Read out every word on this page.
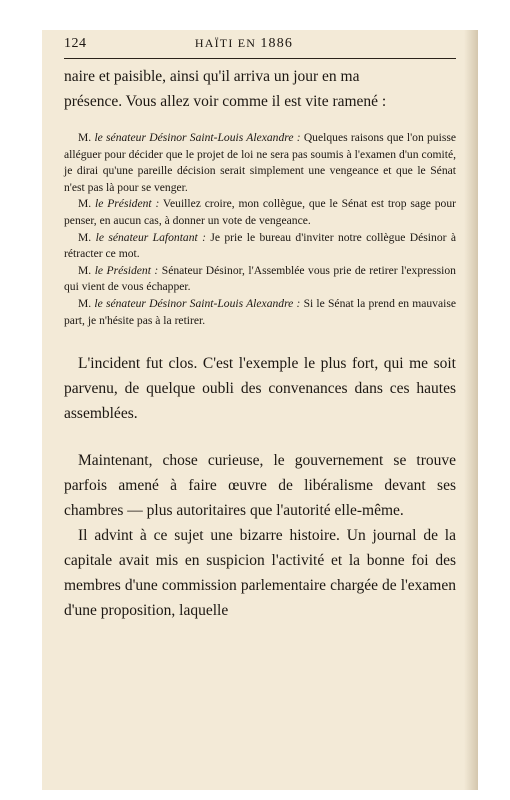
124	HAÏTI EN 1886

naire et paisible, ainsi qu'il arriva un jour en ma

présence. Vous allez voir comme il est vite ramené :

M. le sénateur Désinor Saint-Louis Alexandre : Quelques raisons que l'on puisse alléguer pour décider que le projet de loi ne sera pas soumis à l'examen d'un comité, je dirai qu'une pareille décision serait simplement une vengeance et que le Sénat n'est pas là pour se venger.

M. le Président : Veuillez croire, mon collègue, que le Sénat est trop sage pour penser, en aucun cas, à donner un vote de vengeance.

M. le sénateur Lafontant : Je prie le bureau d'inviter notre collègue Désinor à rétracter ce mot.

M. le Président : Sénateur Désinor, l'Assemblée vous prie de retirer l'expression qui vient de vous échapper.

M. le sénateur Désinor Saint-Louis Alexandre : Si le Sénat la prend en mauvaise part, je n'hésite pas à la retirer.

L'incident fut clos. C'est l'exemple le plus fort, qui me soit parvenu, de quelque oubli des convenances dans ces hautes assemblées.

Maintenant, chose curieuse, le gouvernement se trouve parfois amené à faire œuvre de libéralisme devant ses chambres — plus autoritaires que l'autorité elle-même.

Il advint à ce sujet une bizarre histoire. Un journal de la capitale avait mis en suspicion l'activité et la bonne foi des membres d'une commission parlementaire chargée de l'examen d'une proposition, laquelle
